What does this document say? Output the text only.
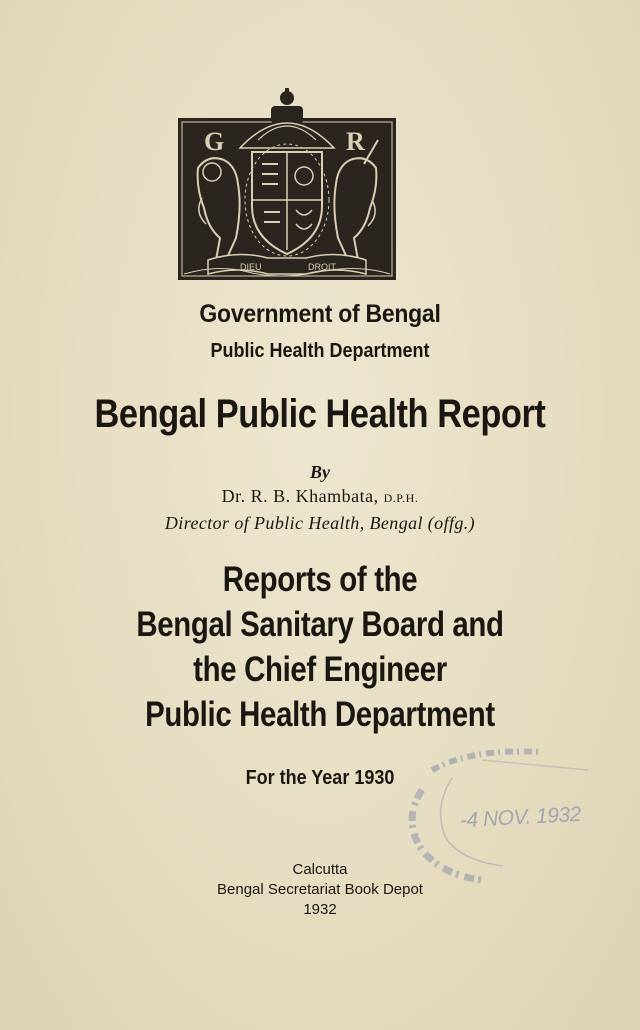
G	R
DIEU	DROIT
Government of Bengal
Public Health Department
Bengal Public Health Report
By
Dr. R. B. Khambata, D.P.H.
Director of Public Health, Bengal (offg.)
Reports of the
Bengal Sanitary Board and
the Chief Engineer
Public Health Department
For the Year 1930
-4 NOV. 1932
Calcutta
Bengal Secretariat Book Depot
1932
